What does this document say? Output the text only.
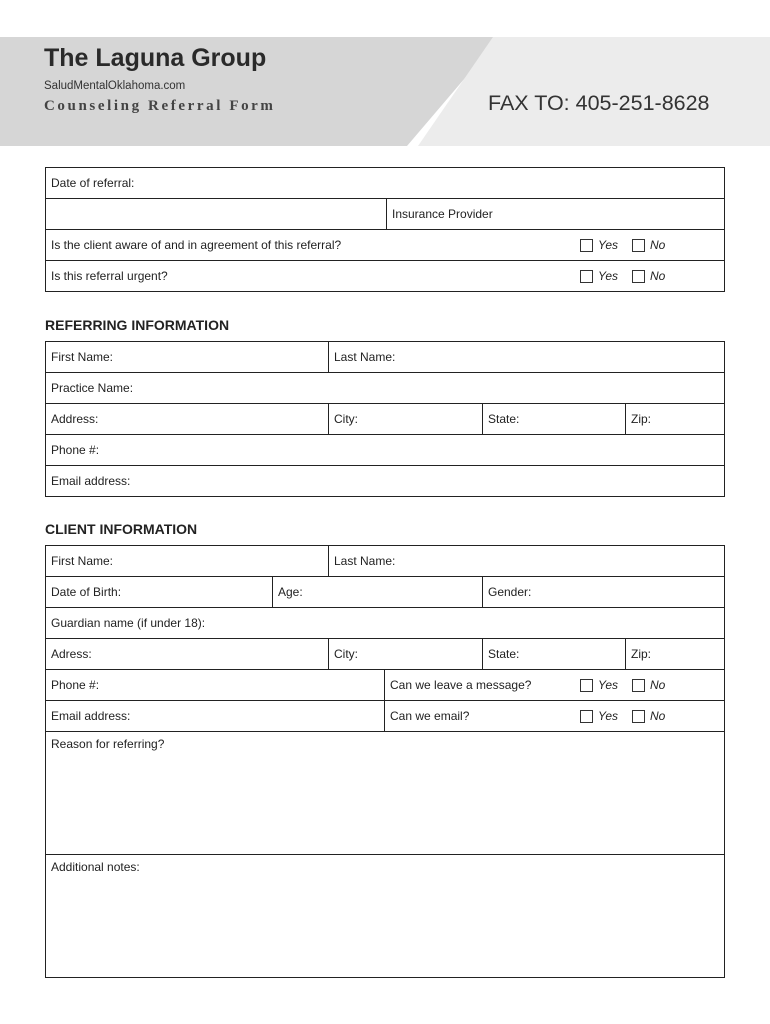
The Laguna Group
SaludMentalOklahoma.com
Counseling Referral Form	FAX TO: 405-251-8628
Date of referral:
Insurance Provider
Is the client aware of and in agreement of this referral?	Yes	No
Is this referral urgent?	Yes	No
REFERRING INFORMATION
First Name:	Last Name:
Practice Name:
Address:	City:	State:	Zip:
Phone #:
Email address:
CLIENT INFORMATION
First Name:	Last Name:
Date of Birth:	Age:	Gender:
Guardian name (if under 18):
Adress:	City:	State:	Zip:
Phone #:	Can we leave a message?	Yes	No
Email address:	Can we email?	Yes	No
Reason for referring?
Additional notes:
